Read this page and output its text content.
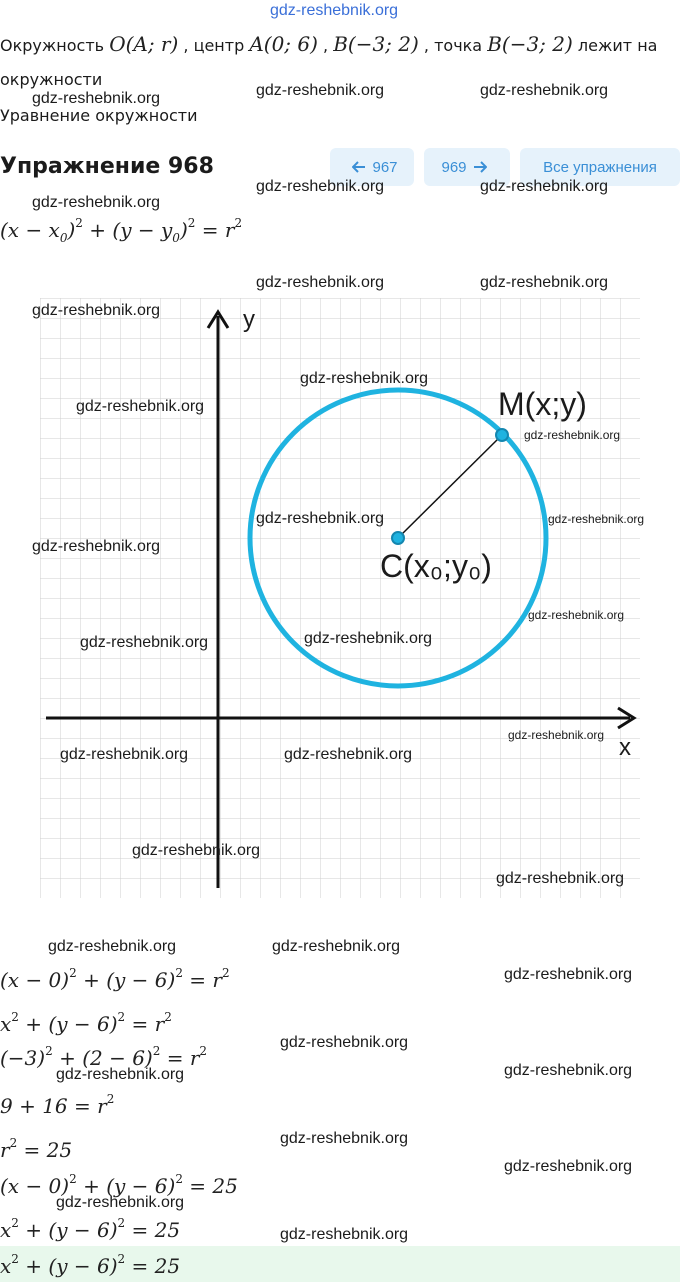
gdz-reshebnik.org
Окружность O(A; r) , центр A(0; 6) , B(−3; 2) , точка B(−3; 2) лежит на
окружности
Уравнение окружности
Упражнение 968	967	969	Все упражнения
$(x - x_0)^2 + (y - y_0)^2 = r^2$
y
x
M(x;y)
C(x₀;y₀)
$(x - 0)^2 + (y - 6)^2 = r^2$
$x^2 + (y - 6)^2 = r^2$
$(-3)^2 + (2 - 6)^2 = r^2$
$9 + 16 = r^2$
$r^2 = 25$
$(x - 0)^2 + (y - 6)^2 = 25$
$x^2 + (y - 6)^2 = 25$
$x^2 + (y - 6)^2 = 25$
gdz-reshebnik.org	gdz-reshebnik.org	gdz-reshebnik.org
gdz-reshebnik.org	gdz-reshebnik.org
gdz-reshebnik.org
gdz-reshebnik.org	gdz-reshebnik.org
gdz-reshebnik.org
gdz-reshebnik.org
gdz-reshebnik.org
gdz-reshebnik.org
gdz-reshebnik.org	gdz-reshebnik.org
gdz-reshebnik.org
gdz-reshebnik.org
gdz-reshebnik.org
gdz-reshebnik.org
gdz-reshebnik.org
gdz-reshebnik.org	gdz-reshebnik.org
gdz-reshebnik.org
gdz-reshebnik.org
gdz-reshebnik.org	gdz-reshebnik.org
gdz-reshebnik.org
gdz-reshebnik.org
gdz-reshebnik.org	gdz-reshebnik.org
gdz-reshebnik.org
gdz-reshebnik.org
gdz-reshebnik.org
gdz-reshebnik.org
